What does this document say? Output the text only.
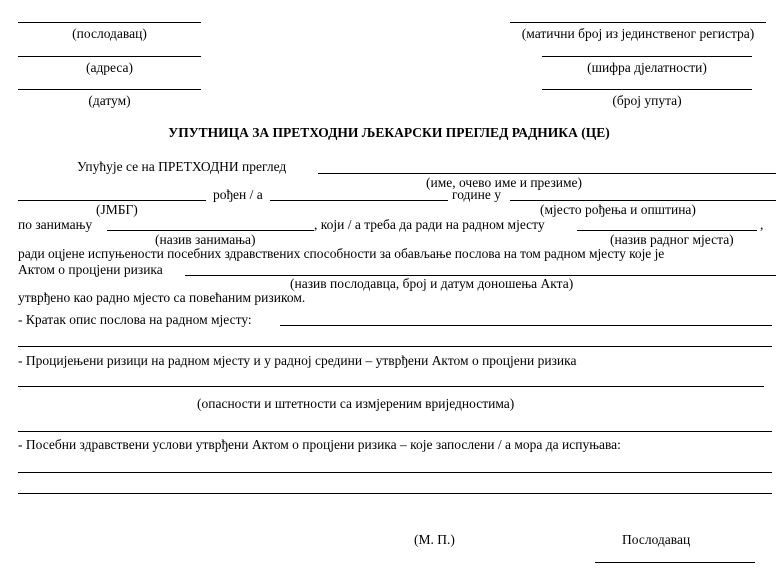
(послодавац)
(адреса)
(датум)
(матични број из јединственог регистра)
(шифра дјелатности)
(број упута)
УПУТНИЦА ЗА ПРЕТХОДНИ ЉЕКАРСКИ ПРЕГЛЕД РАДНИКА (ЦЕ)
Упућује се на ПРЕТХОДНИ преглед
(име, очево име и презиме)
рођен / а	године у
(ЈМБГ)	(мјесто рођења и општина)
по занимању	, који / а треба да ради на радном мјесту	,
(назив занимања)	(назив радног мјеста)
ради оцјене испуњености посебних здравствених способности за обављање послова на том радном мјесту које је
Актом о процјени ризика
(назив послодавца, број и датум доношења Акта)
утврђено као радно мјесто са повећаним ризиком.
- Кратак опис послова на радном мјесту:
- Процијењени ризици на радном мјесту и у радној средини – утврђени Актом о процјени ризика
(опасности и штетности са измјереним вриједностима)
- Посебни здравствени услови утврђени Актом о процјени ризика – које запослени / а мора да испуњава:
(М. П.)	Послодавац
